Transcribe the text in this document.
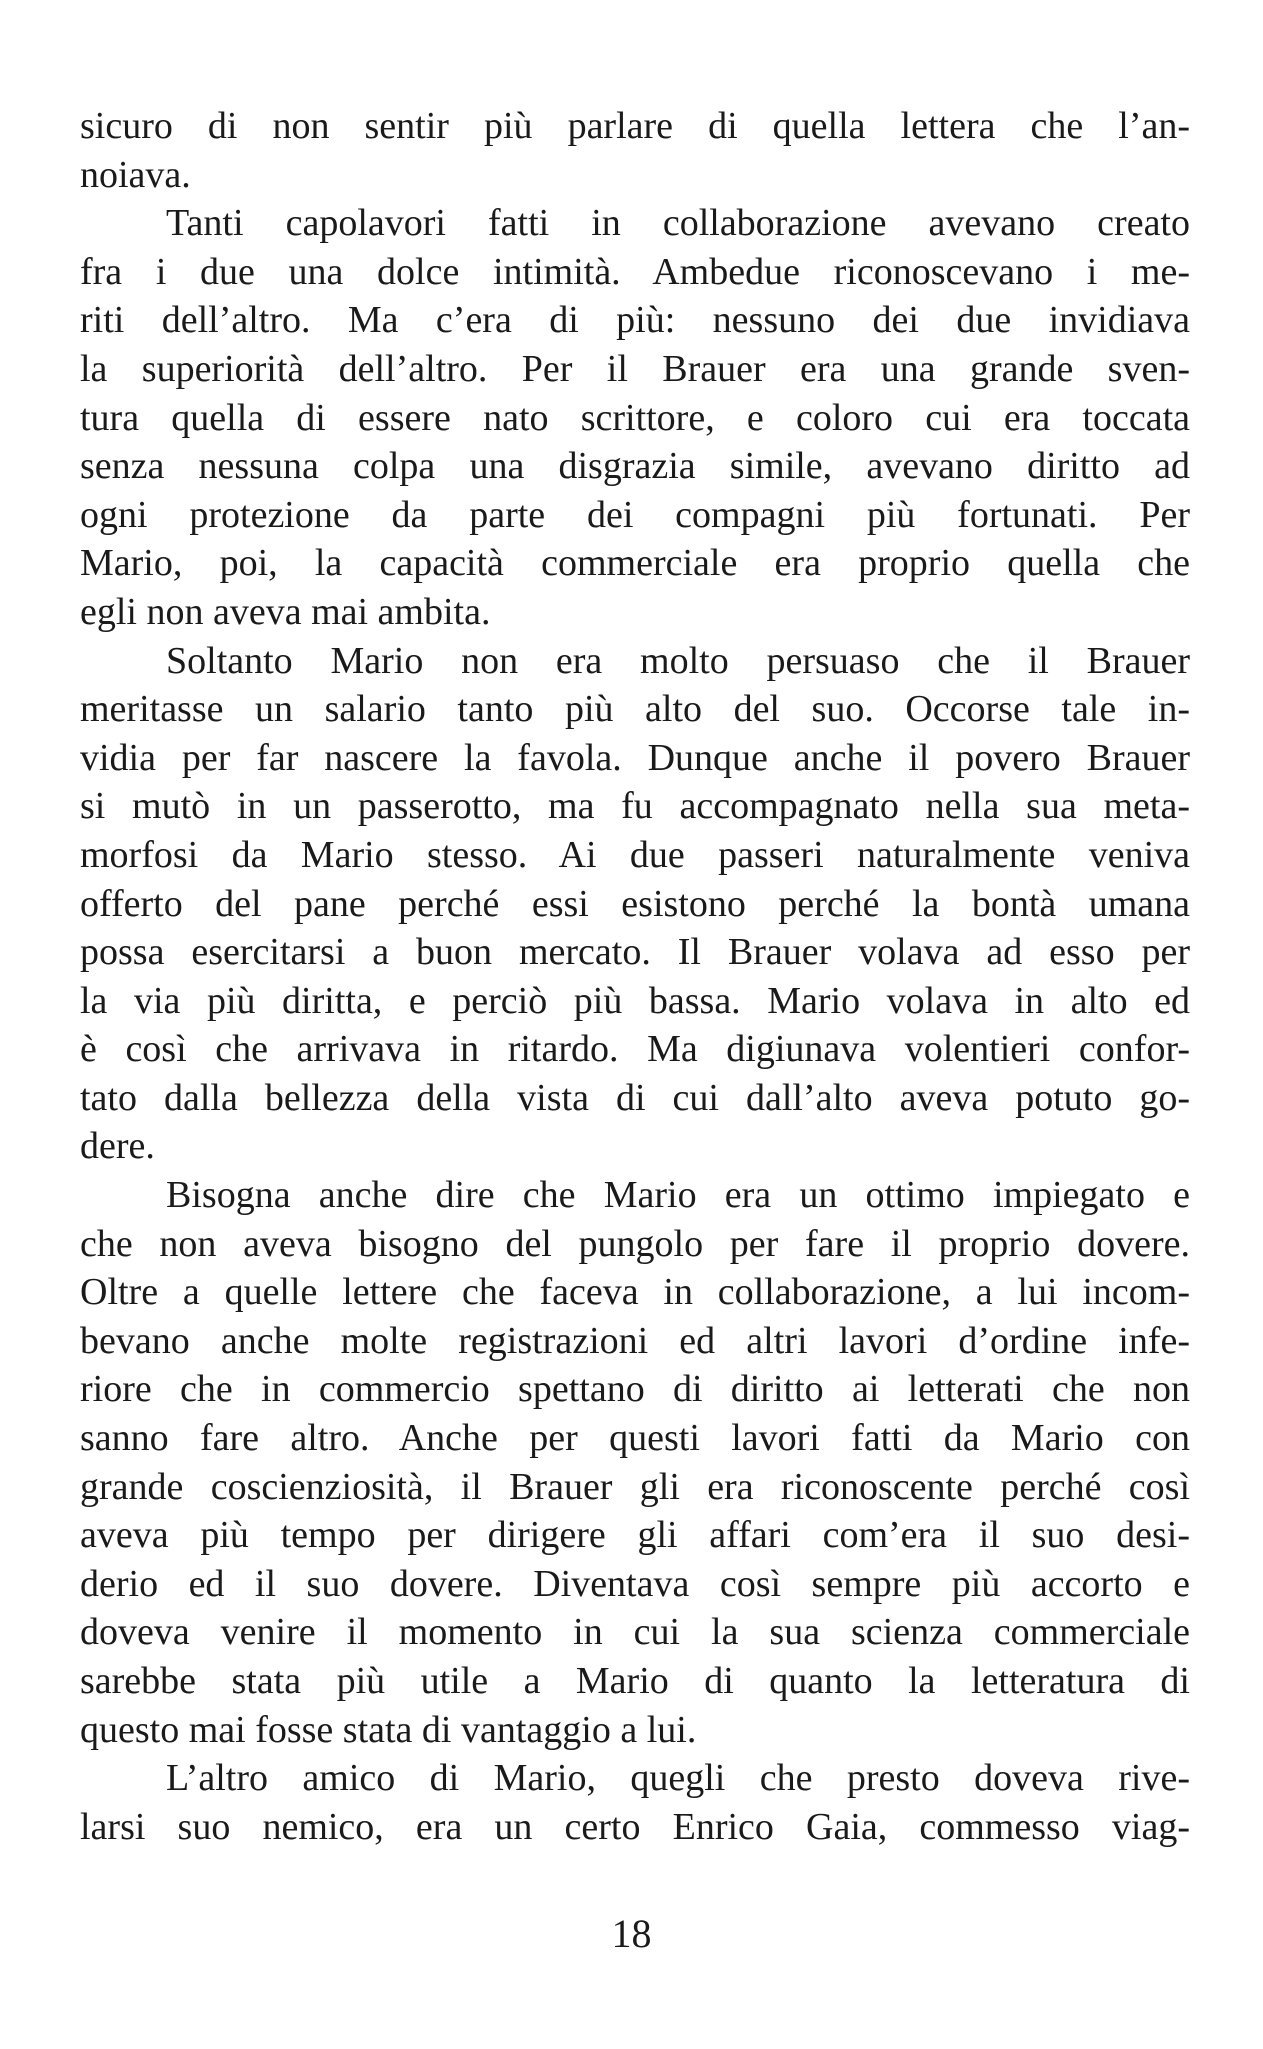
sicuro di non sentir più parlare di quella lettera che l’an-
noiava.
Tanti capolavori fatti in collaborazione avevano creato
fra i due una dolce intimità. Ambedue riconoscevano i me-
riti dell’altro. Ma c’era di più: nessuno dei due invidiava
la superiorità dell’altro. Per il Brauer era una grande sven-
tura quella di essere nato scrittore, e coloro cui era toccata
senza nessuna colpa una disgrazia simile, avevano diritto ad
ogni protezione da parte dei compagni più fortunati. Per
Mario, poi, la capacità commerciale era proprio quella che
egli non aveva mai ambita.
Soltanto Mario non era molto persuaso che il Brauer
meritasse un salario tanto più alto del suo. Occorse tale in-
vidia per far nascere la favola. Dunque anche il povero Brauer
si mutò in un passerotto, ma fu accompagnato nella sua meta-
morfosi da Mario stesso. Ai due passeri naturalmente veniva
offerto del pane perché essi esistono perché la bontà umana
possa esercitarsi a buon mercato. Il Brauer volava ad esso per
la via più diritta, e perciò più bassa. Mario volava in alto ed
è così che arrivava in ritardo. Ma digiunava volentieri confor-
tato dalla bellezza della vista di cui dall’alto aveva potuto go-
dere.
Bisogna anche dire che Mario era un ottimo impiegato e
che non aveva bisogno del pungolo per fare il proprio dovere.
Oltre a quelle lettere che faceva in collaborazione, a lui incom-
bevano anche molte registrazioni ed altri lavori d’ordine infe-
riore che in commercio spettano di diritto ai letterati che non
sanno fare altro. Anche per questi lavori fatti da Mario con
grande coscienziosità, il Brauer gli era riconoscente perché così
aveva più tempo per dirigere gli affari com’era il suo desi-
derio ed il suo dovere. Diventava così sempre più accorto e
doveva venire il momento in cui la sua scienza commerciale
sarebbe stata più utile a Mario di quanto la letteratura di
questo mai fosse stata di vantaggio a lui.
L’altro amico di Mario, quegli che presto doveva rive-
larsi suo nemico, era un certo Enrico Gaia, commesso viag-
18
